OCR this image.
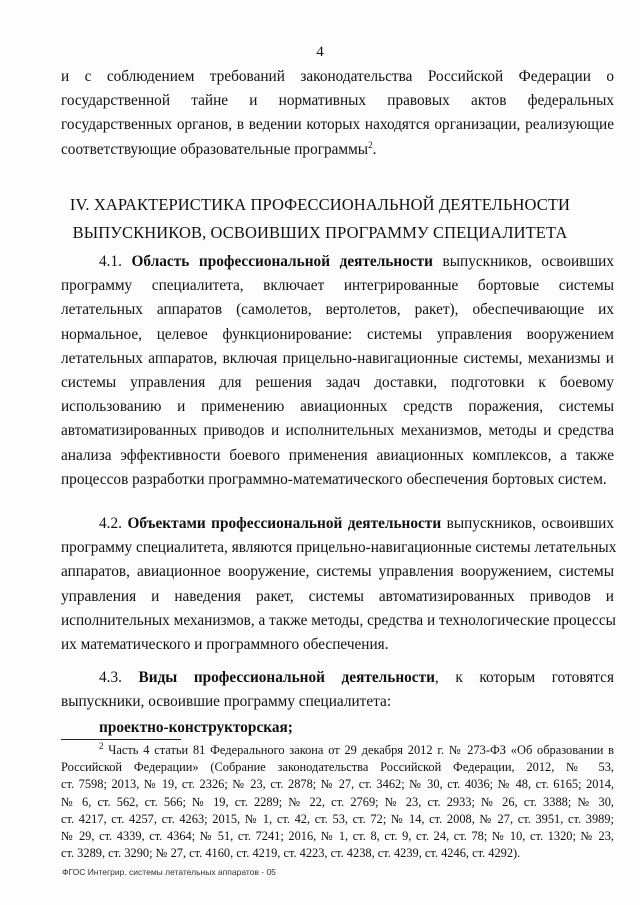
4
и с соблюдением требований законодательства Российской Федерации о
государственной тайне и нормативных правовых актов федеральных
государственных органов, в ведении которых находятся организации, реализующие
соответствующие образовательные программы$^2$.
IV. ХАРАКТЕРИСТИКА ПРОФЕССИОНАЛЬНОЙ ДЕЯТЕЛЬНОСТИ
ВЫПУСКНИКОВ, ОСВОИВШИХ ПРОГРАММУ СПЕЦИАЛИТЕТА
4.1. Область профессиональной деятельности выпускников, освоивших
программу специалитета, включает интегрированные бортовые системы
летательных аппаратов (самолетов, вертолетов, ракет), обеспечивающие их
нормальное, целевое функционирование: системы управления вооружением
летательных аппаратов, включая прицельно-навигационные системы, механизмы и
системы управления для решения задач доставки, подготовки к боевому
использованию и применению авиационных средств поражения, системы
автоматизированных приводов и исполнительных механизмов, методы и средства
анализа эффективности боевого применения авиационных комплексов, а также
процессов разработки программно-математического обеспечения бортовых систем.
4.2. Объектами профессиональной деятельности выпускников, освоивших
программу специалитета, являются прицельно-навигационные системы летательных
аппаратов, авиационное вооружение, системы управления вооружением, системы
управления и наведения ракет, системы автоматизированных приводов и
исполнительных механизмов, а также методы, средства и технологические процессы
их математического и программного обеспечения.
4.3. Виды профессиональной деятельности, к которым готовятся
выпускники, освоившие программу специалитета:
проектно-конструкторская;
$^2$ Часть 4 статьи 81 Федерального закона от 29 декабря 2012 г. № 273-ФЗ «Об образовании в
Российской Федерации» (Собрание законодательства Российской Федерации, 2012, № 53,
ст. 7598; 2013, № 19, ст. 2326; № 23, ст. 2878; № 27, ст. 3462; № 30, ст. 4036; № 48, ст. 6165; 2014,
№ 6, ст. 562, ст. 566; № 19, ст. 2289; № 22, ст. 2769; № 23, ст. 2933; № 26, ст. 3388; № 30,
ст. 4217, ст. 4257, ст. 4263; 2015, № 1, ст. 42, ст. 53, ст. 72; № 14, ст. 2008, № 27, ст. 3951, ст. 3989;
№ 29, ст. 4339, ст. 4364; № 51, ст. 7241; 2016, № 1, ст. 8, ст. 9, ст. 24, ст. 78; № 10, ст. 1320; № 23,
ст. 3289, ст. 3290; № 27, ст. 4160, ст. 4219, ст. 4223, ст. 4238, ст. 4239, ст. 4246, ст. 4292).
ФГОС Интегрир. системы летательных аппаратов - 05
